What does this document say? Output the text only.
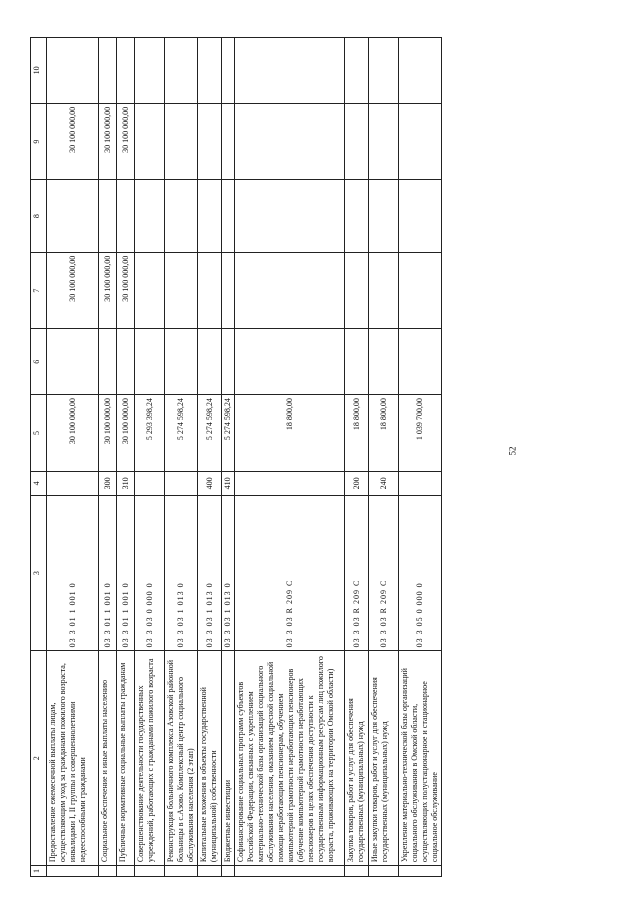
52
1	2	3	4	5	6	7	8	9	10
	Предоставление ежемесячной выплаты лицам, осуществляющим уход за гражданами пожилого возраста, инвалидами I, II группы и совершеннолетними недееспособными гражданами	03 3 01 1 001 0		30 100 000,00		30 100 000,00		30 100 000,00	
	Социальное обеспечение и иные выплаты населению	03 3 01 1 001 0	300	30 100 000,00		30 100 000,00		30 100 000,00	
	Публичные нормативные социальные выплаты гражданам	03 3 01 1 001 0	310	30 100 000,00		30 100 000,00		30 100 000,00	
	Совершенствование деятельности государственных учреждений, работающих с гражданами пожилого возраста	03 3 03 0 000 0		5 293 398,24					
	Реконструкция больничного комплекса Азовской районной больницы в с.Азово. Комплексный центр социального обслуживания населения (2 этап)	03 3 03 1 013 0		5 274 598,24					
	Капитальные вложения в объекты государственной (муниципальной) собственности	03 3 03 1 013 0	400	5 274 598,24					
	Бюджетные инвестиции	03 3 03 1 013 0	410	5 274 598,24					
	Софинансирование социальных программ субъектов Российской Федерации, связанных с укреплением материально-технической базы организаций социального обслуживания населения, оказанием адресной социальной помощи неработающим пенсионерам, обучением компьютерной грамотности неработающих пенсионеров (обучение компьютерной грамотности неработающих пенсионеров в целях обеспечения доступности к государственным информационным ресурсам лиц пожилого возраста, проживающих на территории Омской области)	03 3 03 R 209 С		18 800,00					
	Закупка товаров, работ и услуг для обеспечения государственных (муниципальных) нужд	03 3 03 R 209 С	200	18 800,00					
	Иные закупки товаров, работ и услуг для обеспечения государственных (муниципальных) нужд	03 3 03 R 209 С	240	18 800,00					
	Укрепление материально-технической базы организаций социального обслуживания в Омской области, осуществляющих полустационарное и стационарное социальное обслуживание	03 3 05 0 000 0		1 039 700,00					
